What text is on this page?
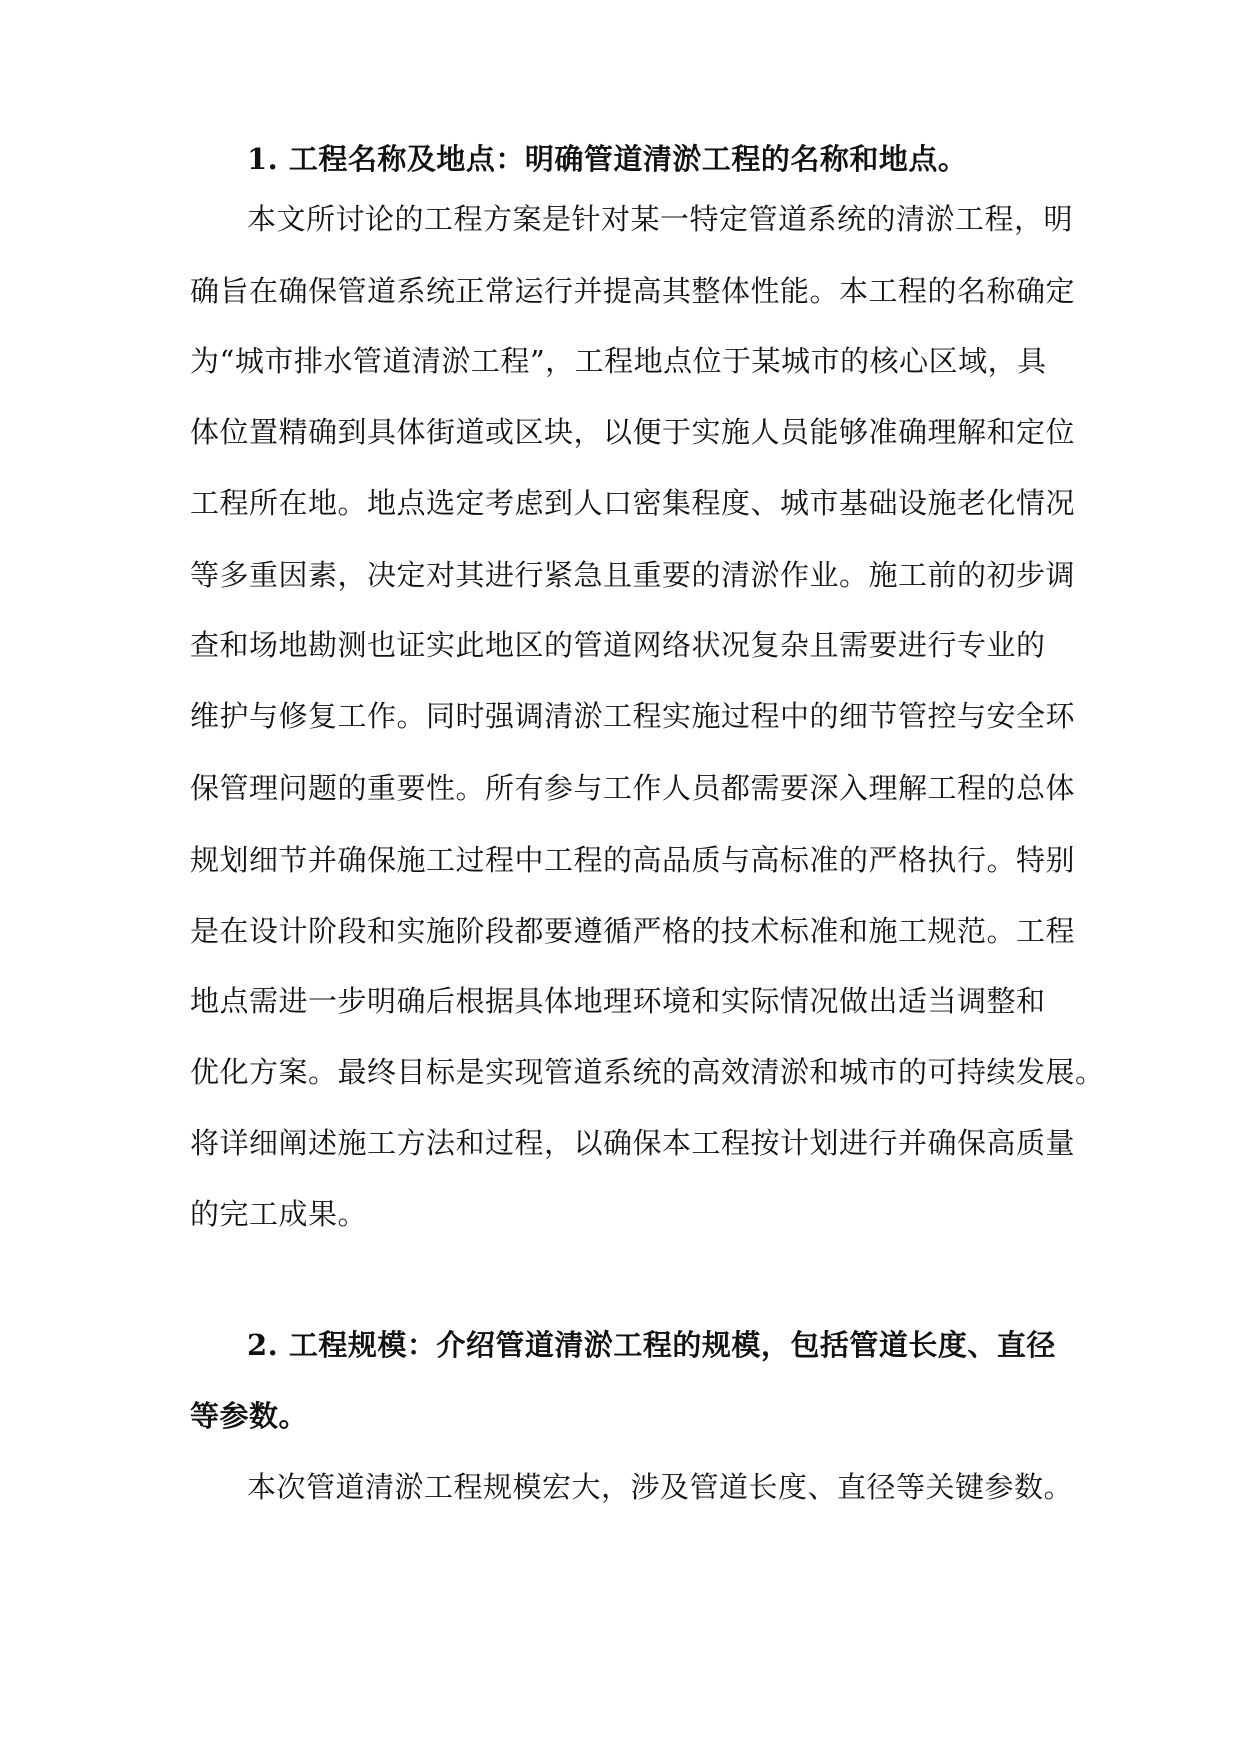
1. 工程名称及地点：明确管道清淤工程的名称和地点。
本文所讨论的工程方案是针对某一特定管道系统的清淤工程，明
确旨在确保管道系统正常运行并提高其整体性能。本工程的名称确定
为“城市排水管道清淤工程”，工程地点位于某城市的核心区域，具
体位置精确到具体街道或区块，以便于实施人员能够准确理解和定位
工程所在地。地点选定考虑到人口密集程度、城市基础设施老化情况
等多重因素，决定对其进行紧急且重要的清淤作业。施工前的初步调
查和场地勘测也证实此地区的管道网络状况复杂且需要进行专业的
维护与修复工作。同时强调清淤工程实施过程中的细节管控与安全环
保管理问题的重要性。所有参与工作人员都需要深入理解工程的总体
规划细节并确保施工过程中工程的高品质与高标准的严格执行。特别
是在设计阶段和实施阶段都要遵循严格的技术标准和施工规范。工程
地点需进一步明确后根据具体地理环境和实际情况做出适当调整和
优化方案。最终目标是实现管道系统的高效清淤和城市的可持续发展。
将详细阐述施工方法和过程，以确保本工程按计划进行并确保高质量
的完工成果。
2. 工程规模：介绍管道清淤工程的规模，包括管道长度、直径
等参数。
本次管道清淤工程规模宏大，涉及管道长度、直径等关键参数。
